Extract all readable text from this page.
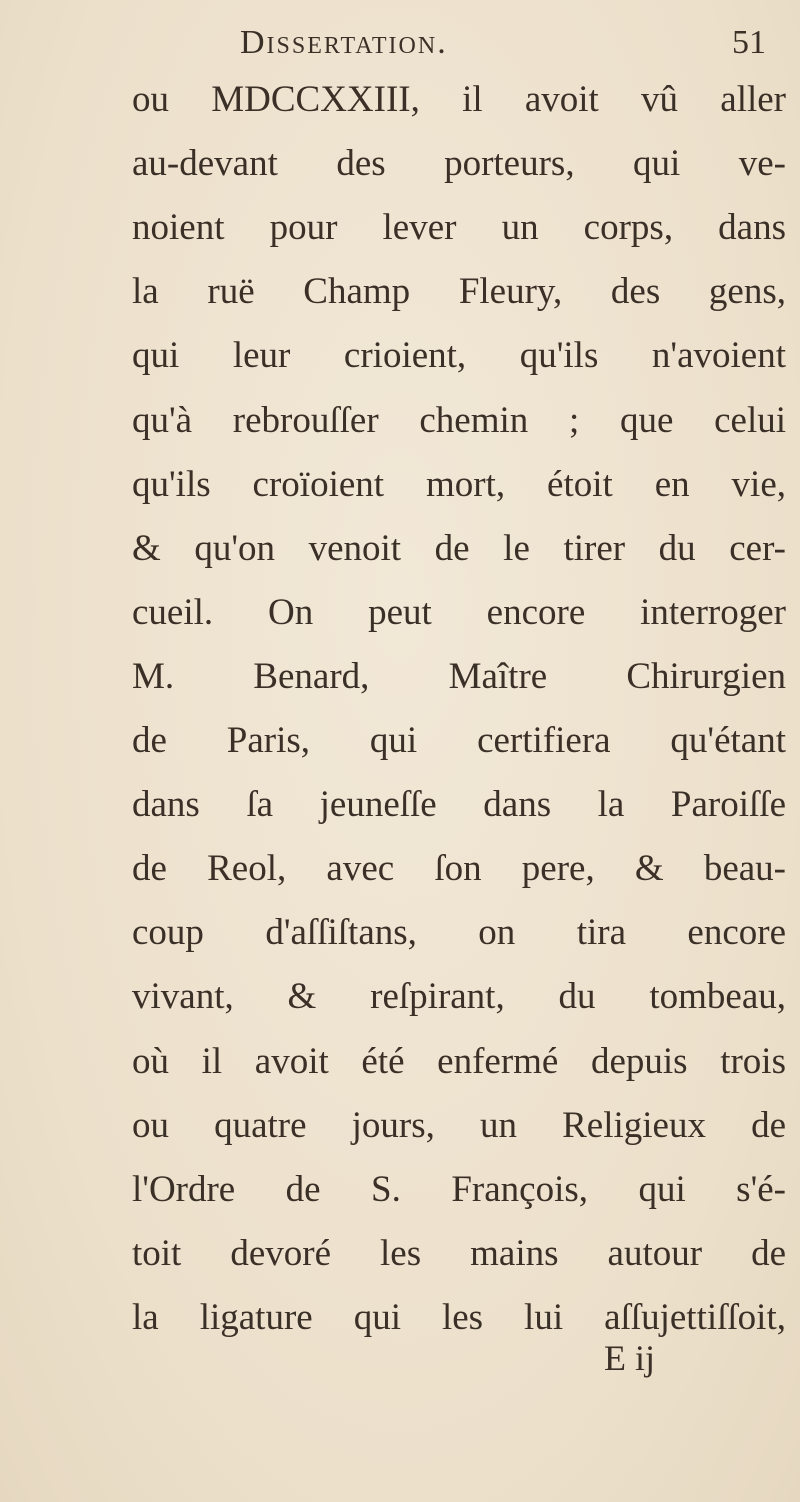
Dissertation.	51
ou MDCCXXIII, il avoit vû aller
au-devant des porteurs, qui ve-
noient pour lever un corps, dans
la ruë Champ Fleury, des gens,
qui leur crioient, qu'ils n'avoient
qu'à rebrouſſer chemin ; que celui
qu'ils croïoient mort, étoit en vie,
& qu'on venoit de le tirer du cer-
cueil. On peut encore interroger
M. Benard, Maître Chirurgien
de Paris, qui certifiera qu'étant
dans ſa jeuneſſe dans la Paroiſſe
de Reol, avec ſon pere, & beau-
coup d'aſſiſtans, on tira encore
vivant, & reſpirant, du tombeau,
où il avoit été enfermé depuis trois
ou quatre jours, un Religieux de
l'Ordre de S. François, qui s'é-
toit devoré les mains autour de
la ligature qui les lui aſſujettiſſoit,
E ij
